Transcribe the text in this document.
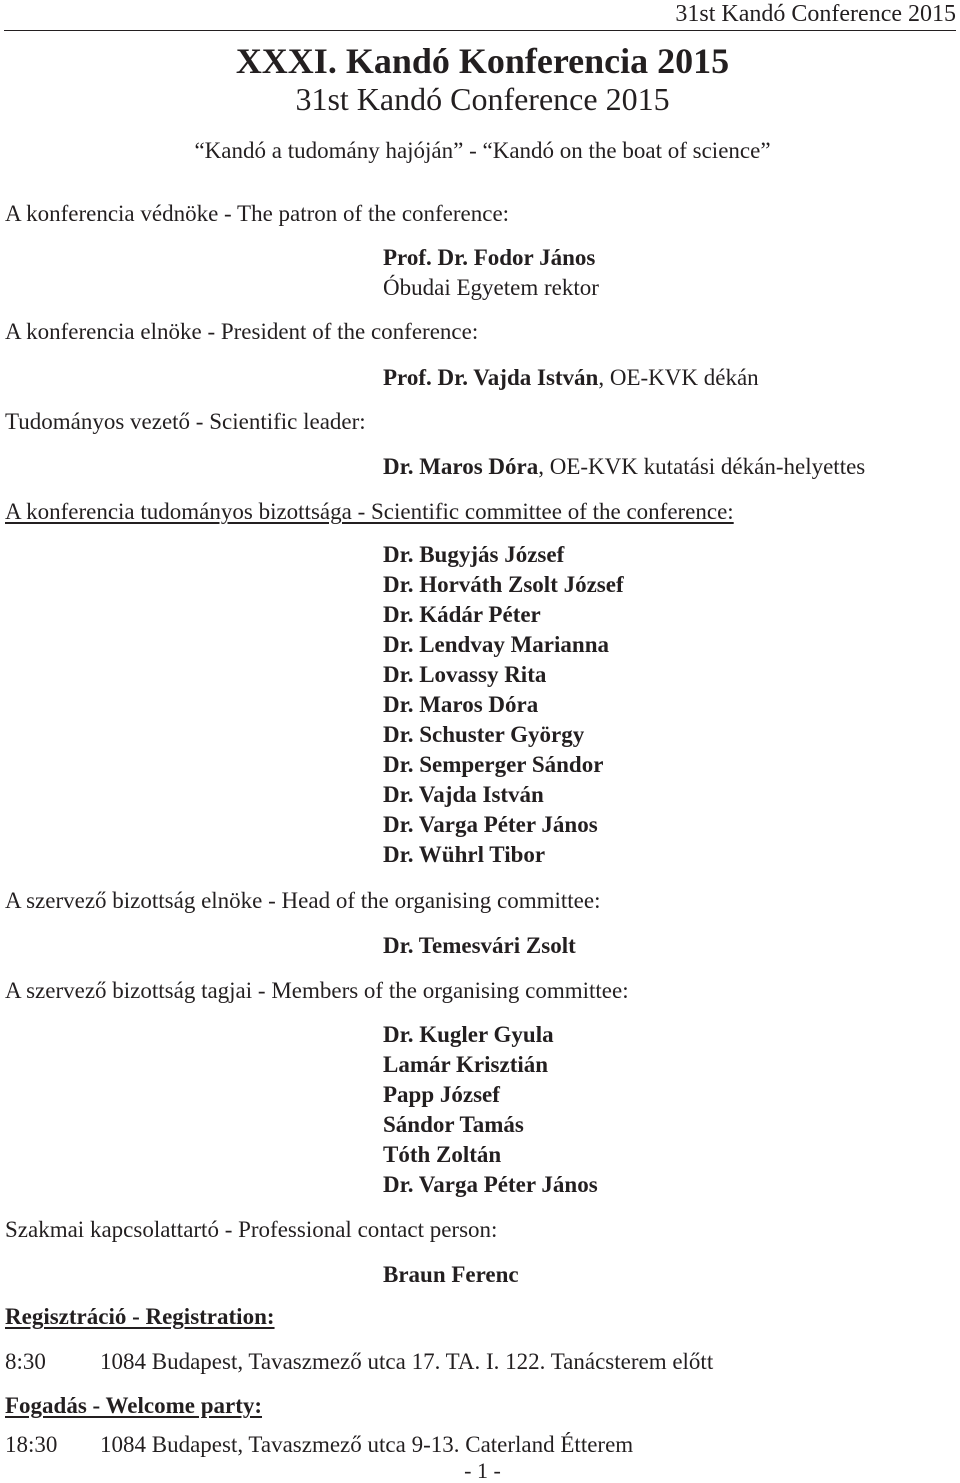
31st Kandó Conference 2015
XXXI. Kandó Konferencia 2015
31st Kandó Conference 2015
“Kandó a tudomány hajóján” - “Kandó on the boat of science”
A konferencia védnöke - The patron of the conference:
Prof. Dr. Fodor János
Óbudai Egyetem rektor
A konferencia elnöke - President of the conference:
Prof. Dr. Vajda István, OE-KVK dékán
Tudományos vezető - Scientific leader:
Dr. Maros Dóra, OE-KVK kutatási dékán-helyettes
A konferencia tudományos bizottsága - Scientific committee of the conference:
Dr. Bugyjás József
Dr. Horváth Zsolt József
Dr. Kádár Péter
Dr. Lendvay Marianna
Dr. Lovassy Rita
Dr. Maros Dóra
Dr. Schuster György
Dr. Semperger Sándor
Dr. Vajda István
Dr. Varga Péter János
Dr. Wührl Tibor
A szervező bizottság elnöke - Head of the organising committee:
Dr. Temesvári Zsolt
A szervező bizottság tagjai - Members of the organising committee:
Dr. Kugler Gyula
Lamár Krisztián
Papp József
Sándor Tamás
Tóth Zoltán
Dr. Varga Péter János
Szakmai kapcsolattartó - Professional contact person:
Braun Ferenc
Regisztráció - Registration:
8:30 1084 Budapest, Tavaszmező utca 17. TA. I. 122. Tanácsterem előtt
Fogadás - Welcome party:
18:30 1084 Budapest, Tavaszmező utca 9-13. Caterland Étterem
- 1 -
